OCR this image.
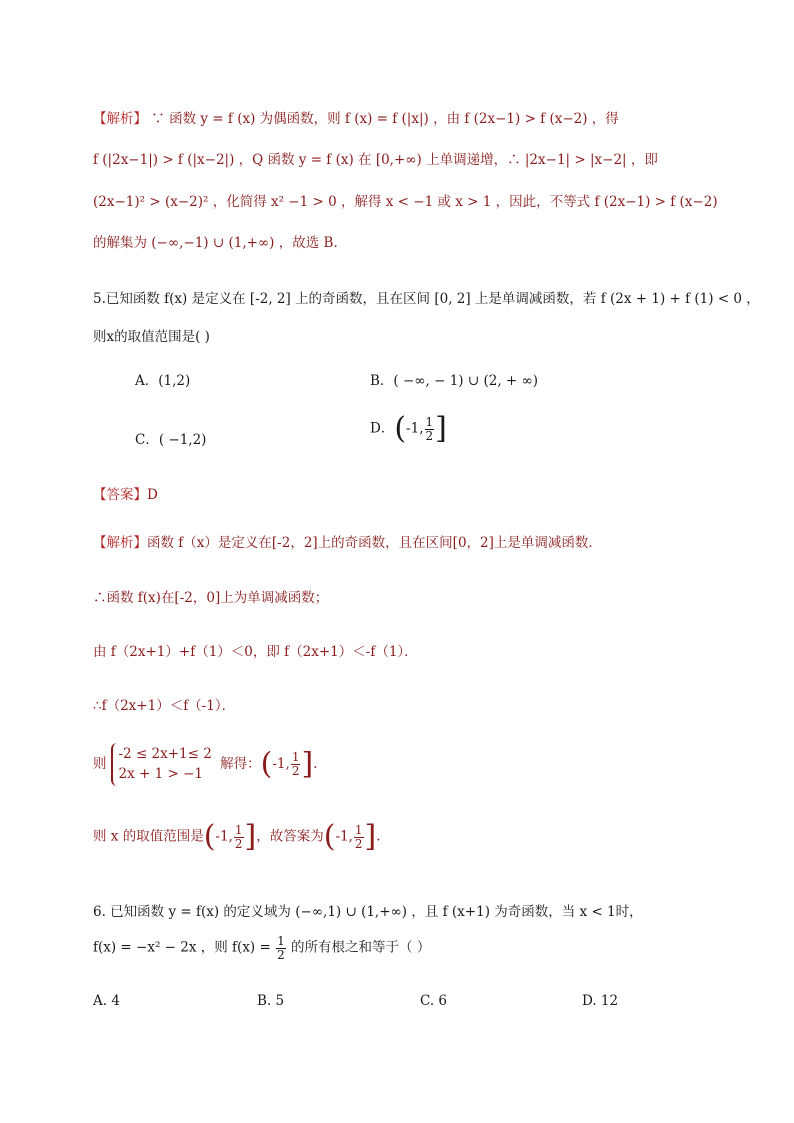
【解析】 ∵ 函数 y = f (x) 为偶函数，则 f (x) = f (|x|) ，由 f (2x−1) > f (x−2) ，得
f (|2x−1|) > f (|x−2|) ，Q 函数 y = f (x) 在 [0,+∞) 上单调递增，∴ |2x−1| > |x−2| ，即
(2x−1)² > (x−2)² ，化简得 x² −1 > 0 ，解得 x < −1 或 x > 1 ，因此，不等式 f (2x−1) > f (x−2)
的解集为 (−∞,−1) ∪ (1,+∞) ，故选 B.
5.已知函数 f(x) 是定义在 [-2, 2] 上的奇函数，且在区间 [0, 2] 上是单调减函数，若 f (2x + 1) + f (1) < 0 ，
则x的取值范围是( )
A．(1,2)	B．( −∞, − 1) ∪ (2, + ∞)
C．( −1,2)
D．(-1, $\frac{1}{2}$ ]
【答案】D
【解析】函数 f（x）是定义在[-2，2]上的奇函数，且在区间[0，2]上是单调减函数．
∴函数 f(x)在[-2，0]上为单调减函数；
由 f（2x+1）+f（1）＜0，即 f（2x+1）＜-f（1）．
∴f（2x+1）＜f（-1）．
则
-2 ≤ 2x+1≤ 2
2x + 1 > −1
解得：(-1, $\frac{1}{2}$ ].
则 x 的取值范围是(-1, $\frac{1}{2}$ ]，故答案为(-1, $\frac{1}{2}$ ].
6. 已知函数 y = f(x) 的定义域为 (−∞,1) ∪ (1,+∞) ，且 f (x+1) 为奇函数，当 x < 1时，
f(x) = −x² − 2x ，则 $f(x) = \frac{1}{2}$ 的所有根之和等于（ ）
A. 4	B. 5	C. 6	D. 12
